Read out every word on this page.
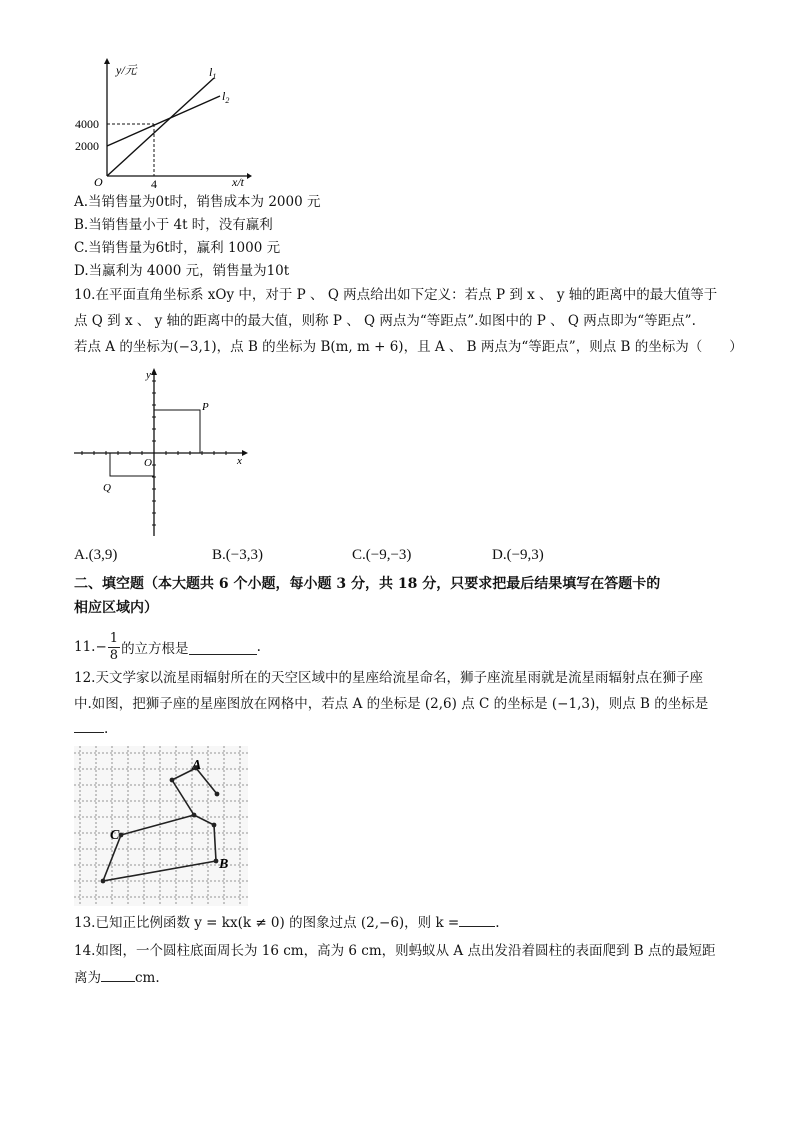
y/元
x/t
O
4000
2000
4
$l_1$
$l_2$
A.当销售量为0t时，销售成本为 2000 元
B.当销售量小于 4t 时，没有赢利
C.当销售量为6t时，赢利 1000 元
D.当赢利为 4000 元，销售量为10t
10.在平面直角坐标系 xOy 中，对于 P 、 Q 两点给出如下定义：若点 P 到 x 、 y 轴的距离中的最大值等于
点 Q 到 x 、 y 轴的距离中的最大值，则称 P 、 Q 两点为“等距点”.如图中的 P 、 Q 两点即为“等距点”.
若点 A 的坐标为(−3,1)，点 B 的坐标为 B(m, m + 6)，且 A 、 B 两点为“等距点”，则点 B 的坐标为（　　）
y
x
O
P
Q
A.(3,9)	B.(−3,3)	C.(−9,−3)	D.(−9,3)
二、填空题（本大题共 6 个小题，每小题 3 分，共 18 分，只要求把最后结果填写在答题卡的
相应区域内）
$11.- \frac{1}{8}$ 的立方根是	.
12.天文学家以流星雨辐射所在的天空区域中的星座给流星命名，狮子座流星雨就是流星雨辐射点在狮子座
中.如图，把狮子座的星座图放在网格中，若点 A 的坐标是 (2,6) 点 C 的坐标是 (−1,3)，则点 B 的坐标是
.
A
B
C
13.已知正比例函数 y = kx(k ≠ 0) 的图象过点 (2,−6)，则 k =	.
14.如图，一个圆柱底面周长为 16 cm，高为 6 cm，则蚂蚁从 A 点出发沿着圆柱的表面爬到 B 点的最短距
离为	cm.
